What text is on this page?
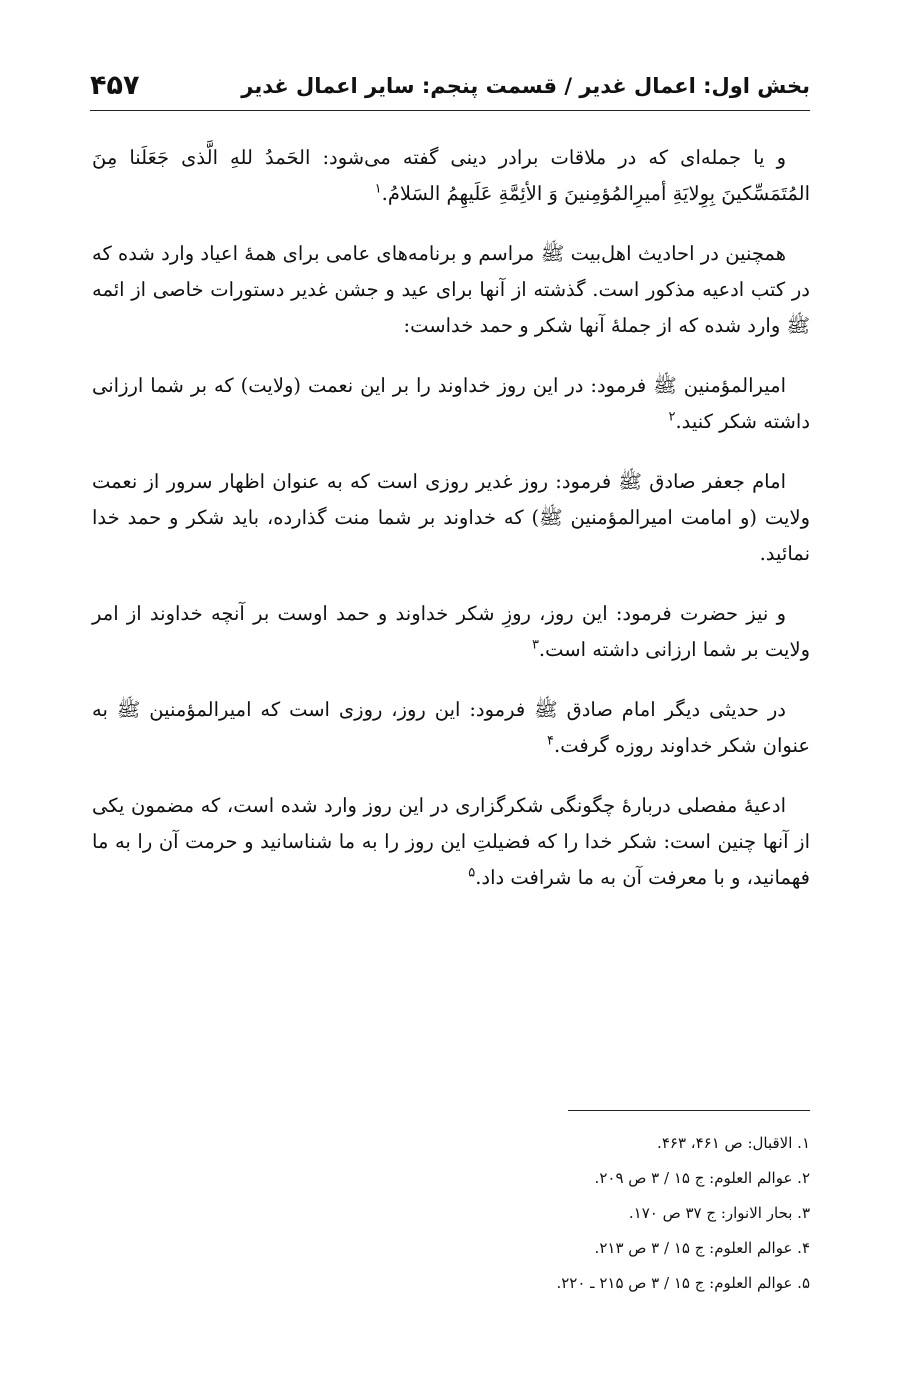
بخش اول: اعمال غدیر / قسمت پنجم: سایر اعمال غدیر
۴۵۷

و یا جمله‌ای که در ملاقات برادر دینی گفته می‌شود: الحَمدُ للهِ الَّذی جَعَلَنا مِنَ المُتَمَسِّکینَ بِوِلایَةِ أمیرِالمُؤمِنینَ وَ الأئِمَّةِ عَلَیهِمُ السَلامُ.$^۱$

همچنین در احادیث اهل‌بیت ﷺ مراسم و برنامه‌های عامی برای همهٔ اعیاد وارد شده که در کتب ادعیه مذکور است. گذشته از آنها برای عید و جشن غدیر دستورات خاصی از ائمه ﷺ وارد شده که از جملهٔ آنها شکر و حمد خداست:

امیرالمؤمنین ﷺ فرمود: در این روز خداوند را بر این نعمت (ولایت) که بر شما ارزانی داشته شکر کنید.$^۲$

امام جعفر صادق ﷺ فرمود: روز غدیر روزی است که به عنوان اظهار سرور از نعمت ولایت (و امامت امیرالمؤمنین ﷺ) که خداوند بر شما منت گذارده، باید شکر و حمد خدا نمائید.

و نیز حضرت فرمود: این روز، روزِ شکر خداوند و حمد اوست بر آنچه خداوند از امر ولایت بر شما ارزانی داشته است.$^۳$

در حدیثی دیگر امام صادق ﷺ فرمود: این روز، روزی است که امیرالمؤمنین ﷺ به عنوان شکر خداوند روزه گرفت.$^۴$

ادعیهٔ مفصلی دربارهٔ چگونگی شکرگزاری در این روز وارد شده است، که مضمون یکی از آنها چنین است: شکر خدا را که فضیلتِ این روز را به ما شناسانید و حرمت آن را به ما فهمانید، و با معرفت آن به ما شرافت داد.$^۵$

۱. الاقبال: ص ۴۶۱، ۴۶۳.
۲. عوالم العلوم: ج ۱۵ / ۳ ص ۲۰۹.
۳. بحار الانوار: ج ۳۷ ص ۱۷۰.
۴. عوالم العلوم: ج ۱۵ / ۳ ص ۲۱۳.
۵. عوالم العلوم: ج ۱۵ / ۳ ص ۲۱۵ ـ ۲۲۰.
